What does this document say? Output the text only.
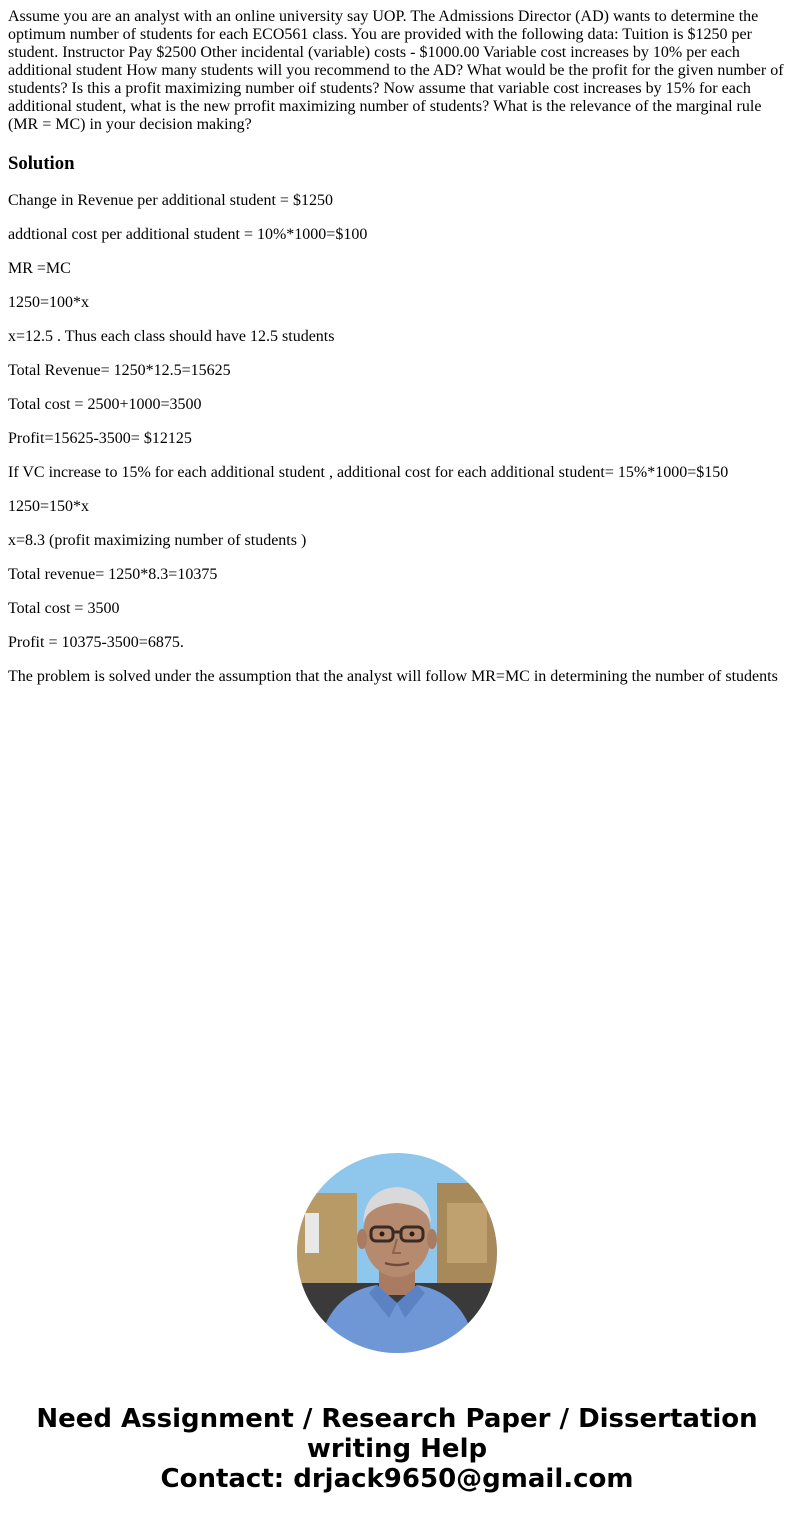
Assume you are an analyst with an online university say UOP. The Admissions Director (AD) wants to determine the optimum number of students for each ECO561 class. You are provided with the following data: Tuition is $1250 per student. Instructor Pay $2500 Other incidental (variable) costs - $1000.00 Variable cost increases by 10% per each additional student How many students will you recommend to the AD? What would be the profit for the given number of students? Is this a profit maximizing number oif students? Now assume that variable cost increases by 15% for each additional student, what is the new prrofit maximizing number of students? What is the relevance of the marginal rule (MR = MC) in your decision making?

Solution

Change in Revenue per additional student = $1250

addtional cost per additional student = 10%*1000=$100

MR =MC

1250=100*x

x=12.5 . Thus each class should have 12.5 students

Total Revenue= 1250*12.5=15625

Total cost = 2500+1000=3500

Profit=15625-3500= $12125

If VC increase to 15% for each additional student , additional cost for each additional student= 15%*1000=$150

1250=150*x

x=8.3 (profit maximizing number of students )

Total revenue= 1250*8.3=10375

Total cost = 3500

Profit = 10375-3500=6875.

The problem is solved under the assumption that the analyst will follow MR=MC in determining the number of students

Need Assignment / Research Paper / Dissertation
writing Help
Contact: drjack9650@gmail.com
